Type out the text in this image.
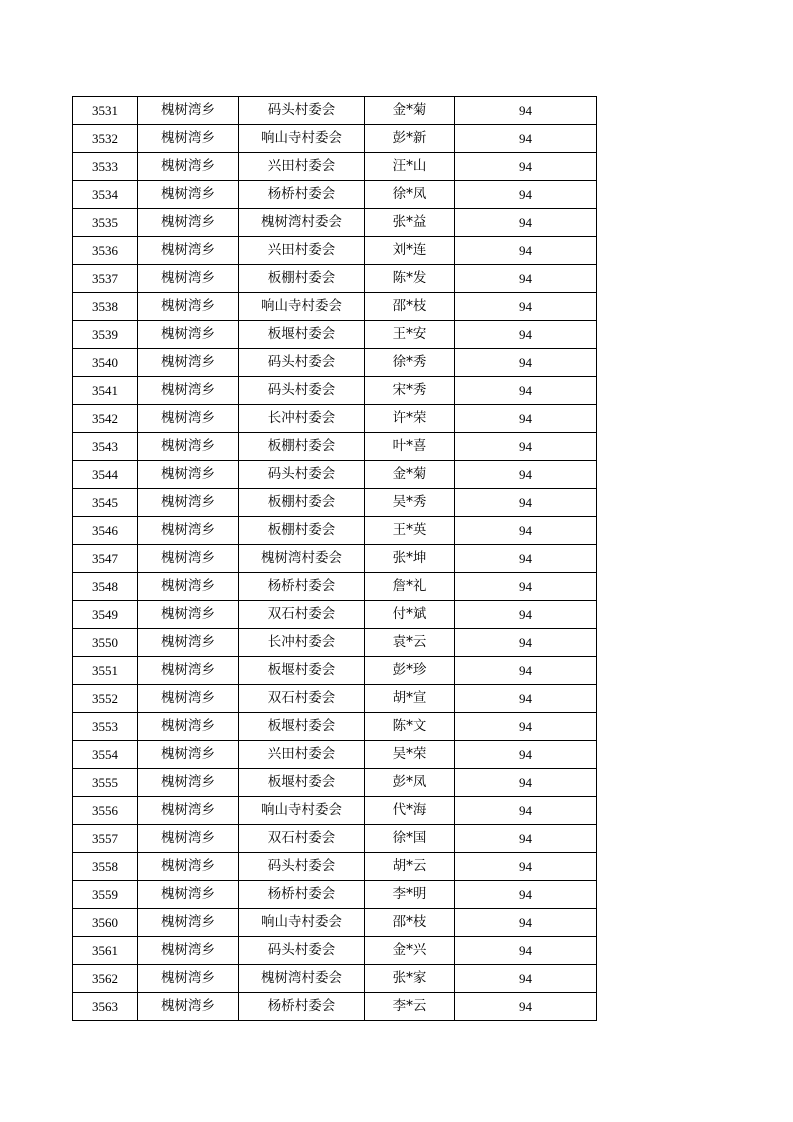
3531	槐树湾乡	码头村委会	金*菊	94
3532	槐树湾乡	响山寺村委会	彭*新	94
3533	槐树湾乡	兴田村委会	汪*山	94
3534	槐树湾乡	杨桥村委会	徐*凤	94
3535	槐树湾乡	槐树湾村委会	张*益	94
3536	槐树湾乡	兴田村委会	刘*连	94
3537	槐树湾乡	板棚村委会	陈*发	94
3538	槐树湾乡	响山寺村委会	邵*枝	94
3539	槐树湾乡	板堰村委会	王*安	94
3540	槐树湾乡	码头村委会	徐*秀	94
3541	槐树湾乡	码头村委会	宋*秀	94
3542	槐树湾乡	长冲村委会	许*荣	94
3543	槐树湾乡	板棚村委会	叶*喜	94
3544	槐树湾乡	码头村委会	金*菊	94
3545	槐树湾乡	板棚村委会	吴*秀	94
3546	槐树湾乡	板棚村委会	王*英	94
3547	槐树湾乡	槐树湾村委会	张*坤	94
3548	槐树湾乡	杨桥村委会	詹*礼	94
3549	槐树湾乡	双石村委会	付*斌	94
3550	槐树湾乡	长冲村委会	袁*云	94
3551	槐树湾乡	板堰村委会	彭*珍	94
3552	槐树湾乡	双石村委会	胡*宣	94
3553	槐树湾乡	板堰村委会	陈*文	94
3554	槐树湾乡	兴田村委会	吴*荣	94
3555	槐树湾乡	板堰村委会	彭*凤	94
3556	槐树湾乡	响山寺村委会	代*海	94
3557	槐树湾乡	双石村委会	徐*国	94
3558	槐树湾乡	码头村委会	胡*云	94
3559	槐树湾乡	杨桥村委会	李*明	94
3560	槐树湾乡	响山寺村委会	邵*枝	94
3561	槐树湾乡	码头村委会	金*兴	94
3562	槐树湾乡	槐树湾村委会	张*家	94
3563	槐树湾乡	杨桥村委会	李*云	94
